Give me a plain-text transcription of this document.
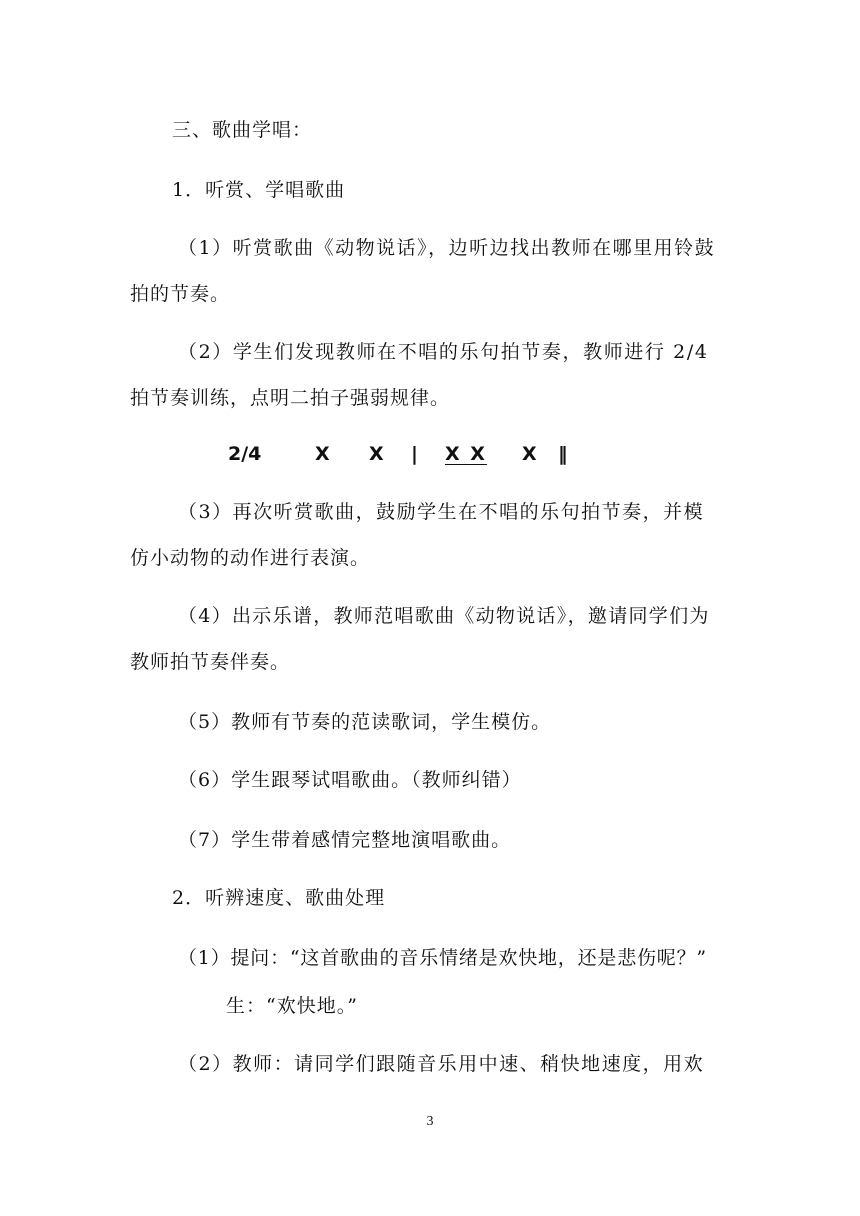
三、歌曲学唱：
1．听赏、学唱歌曲
（1）听赏歌曲《动物说话》，边听边找出教师在哪里用铃鼓
拍的节奏。
（2）学生们发现教师在不唱的乐句拍节奏，教师进行 2/4
拍节奏训练，点明二拍子强弱规律。
2/4	X X | X X X ‖
（3）再次听赏歌曲，鼓励学生在不唱的乐句拍节奏，并模
仿小动物的动作进行表演。
（4）出示乐谱，教师范唱歌曲《动物说话》，邀请同学们为
教师拍节奏伴奏。
（5）教师有节奏的范读歌词，学生模仿。
（6）学生跟琴试唱歌曲。（教师纠错）
（7）学生带着感情完整地演唱歌曲。
2．听辨速度、歌曲处理
（1）提问：“这首歌曲的音乐情绪是欢快地，还是悲伤呢？”
生：“欢快地。”
（2）教师：请同学们跟随音乐用中速、稍快地速度，用欢
3
